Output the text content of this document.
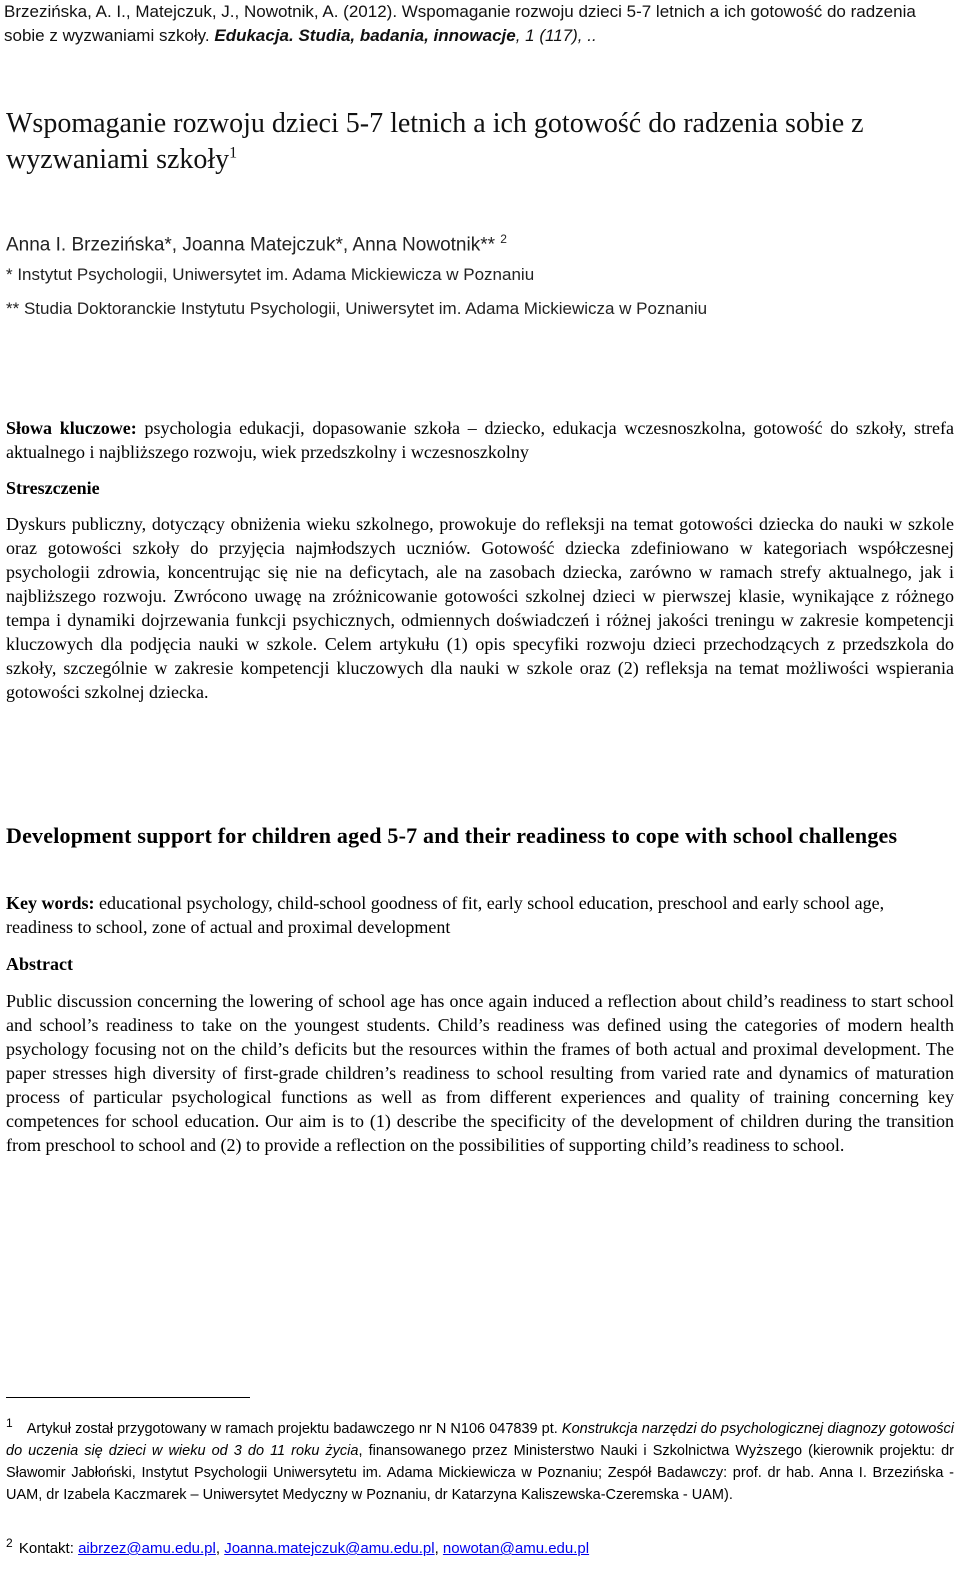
Brzezińska, A. I., Matejczuk, J., Nowotnik, A. (2012). Wspomaganie rozwoju dzieci 5-7 letnich a ich gotowość do radzenia sobie z wyzwaniami szkoły. Edukacja. Studia, badania, innowacje, 1 (117), ..
Wspomaganie rozwoju dzieci 5-7 letnich a ich gotowość do radzenia sobie z wyzwaniami szkoły$^1$
Anna I. Brzezińska*, Joanna Matejczuk*, Anna Nowotnik** $^2$
* Instytut Psychologii, Uniwersytet im. Adama Mickiewicza w Poznaniu
** Studia Doktoranckie Instytutu Psychologii, Uniwersytet im. Adama Mickiewicza w Poznaniu
Słowa kluczowe: psychologia edukacji, dopasowanie szkoła – dziecko, edukacja wczesnoszkolna, gotowość do szkoły, strefa aktualnego i najbliższego rozwoju, wiek przedszkolny i wczesnoszkolny
Streszczenie
Dyskurs publiczny, dotyczący obniżenia wieku szkolnego, prowokuje do refleksji na temat gotowości dziecka do nauki w szkole oraz gotowości szkoły do przyjęcia najmłodszych uczniów. Gotowość dziecka zdefiniowano w kategoriach współczesnej psychologii zdrowia, koncentrując się nie na deficytach, ale na zasobach dziecka, zarówno w ramach strefy aktualnego, jak i najbliższego rozwoju. Zwrócono uwagę na zróżnicowanie gotowości szkolnej dzieci w pierwszej klasie, wynikające z różnego tempa i dynamiki dojrzewania funkcji psychicznych, odmiennych doświadczeń i różnej jakości treningu w zakresie kompetencji kluczowych dla podjęcia nauki w szkole. Celem artykułu (1) opis specyfiki rozwoju dzieci przechodzących z przedszkola do szkoły, szczególnie w zakresie kompetencji kluczowych dla nauki w szkole oraz (2) refleksja na temat możliwości wspierania gotowości szkolnej dziecka.
Development support for children aged 5-7 and their readiness to cope with school challenges
Key words: educational psychology, child-school goodness of fit, early school education, preschool and early school age, readiness to school, zone of actual and proximal development
Abstract
Public discussion concerning the lowering of school age has once again induced a reflection about child’s readiness to start school and school’s readiness to take on the youngest students. Child’s readiness was defined using the categories of modern health psychology focusing not on the child’s deficits but the resources within the frames of both actual and proximal development. The paper stresses high diversity of first-grade children’s readiness to school resulting from varied rate and dynamics of maturation process of particular psychological functions as well as from different experiences and quality of training concerning key competences for school education. Our aim is to (1) describe the specificity of the development of children during the transition from preschool to school and (2) to provide a reflection on the possibilities of supporting child’s readiness to school.
$^1$ Artykuł został przygotowany w ramach projektu badawczego nr N N106 047839 pt. Konstrukcja narzędzi do psychologicznej diagnozy gotowości do uczenia się dzieci w wieku od 3 do 11 roku życia, finansowanego przez Ministerstwo Nauki i Szkolnictwa Wyższego (kierownik projektu: dr Sławomir Jabłoński, Instytut Psychologii Uniwersytetu im. Adama Mickiewicza w Poznaniu; Zespół Badawczy: prof. dr hab. Anna I. Brzezińska - UAM, dr Izabela Kaczmarek – Uniwersytet Medyczny w Poznaniu, dr Katarzyna Kaliszewska-Czeremska - UAM).
$^2$ Kontakt: aibrzez@amu.edu.pl, Joanna.matejczuk@amu.edu.pl, nowotan@amu.edu.pl
